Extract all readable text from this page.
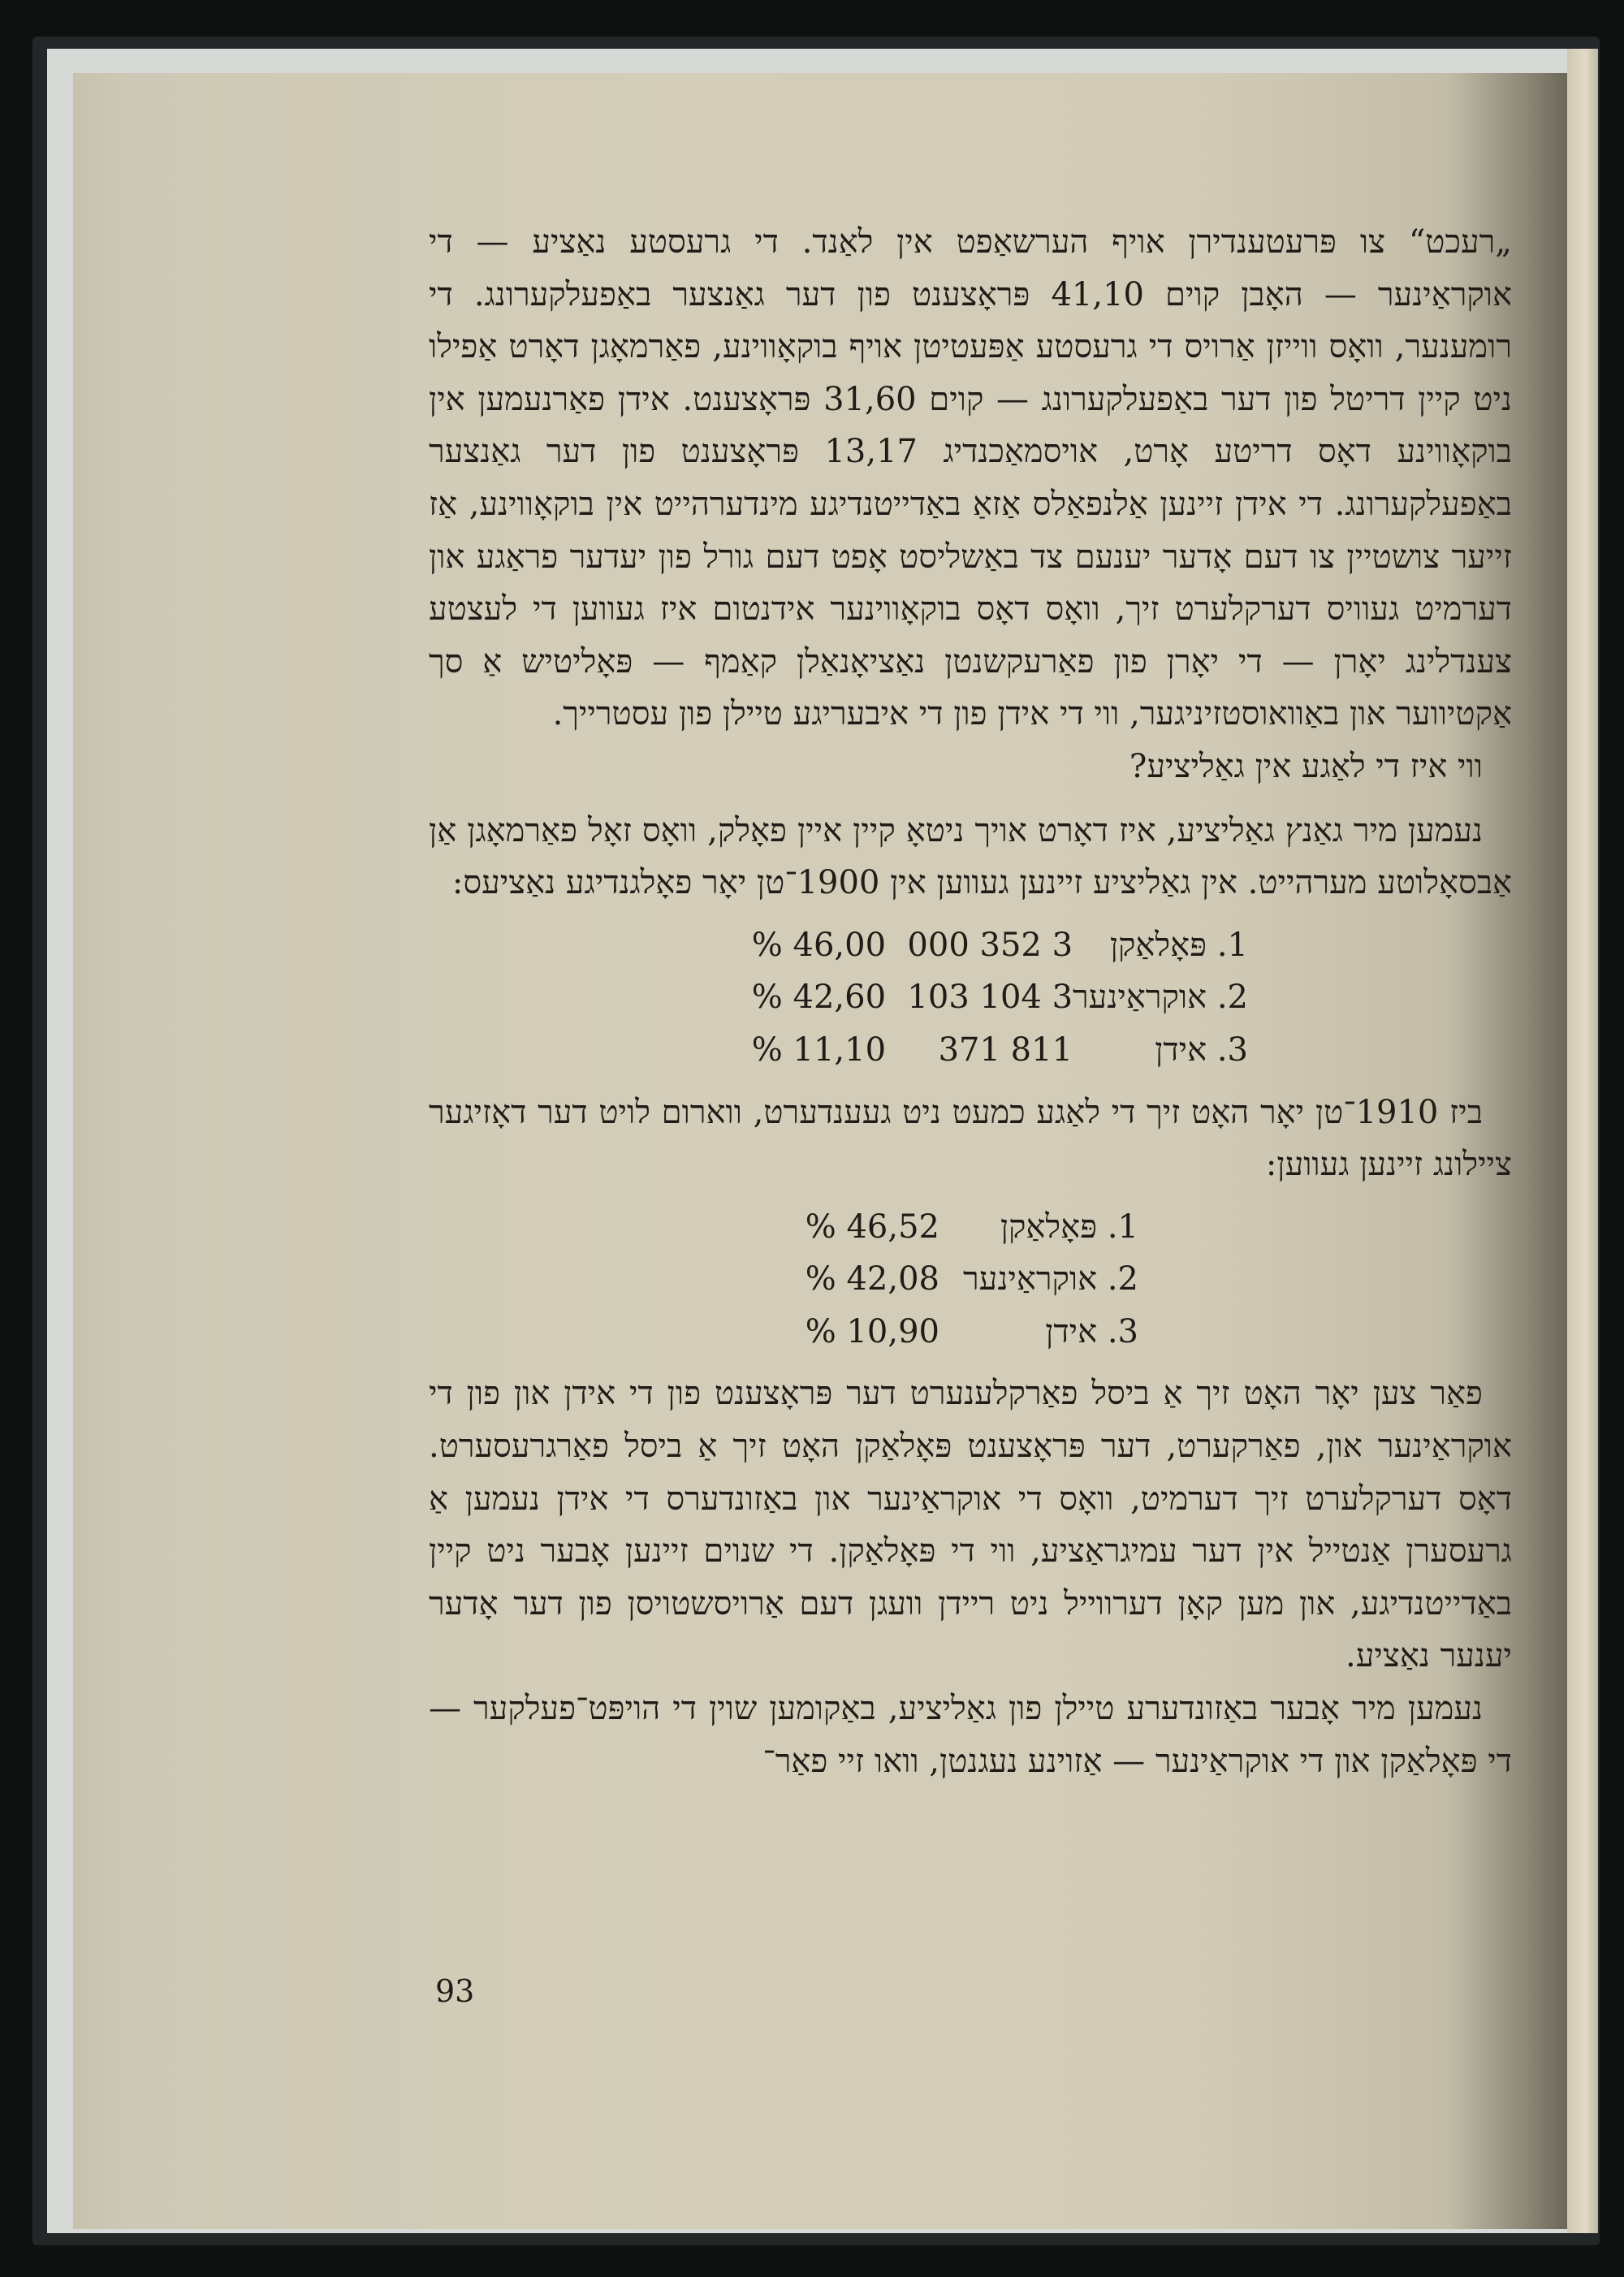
„רעכט“ צו פּרעטענדירן אויף הערשאַפט אין לאַנד. די גרעסטע נאַציע — די אוקראַינער — האָבן קוים 41,10 פּראָצענט פון דער גאַנצער באַפעלקערונג. די רומענער, וואָס ווייזן אַרויס די גרעסטע אַפּעטיטן אויף בוקאָווינע, פאַרמאָגן דאָרט אַפילו ניט קיין דריטל פון דער באַפעלקערונג — קוים 31,60 פּראָצענט. אידן פאַרנעמען אין בוקאָווינע דאָס דריטע אָרט, אויסמאַכנדיג 13,17 פּראָצענט פון דער גאַנצער באַפעלקערונג. די אידן זיינען אַלנפאַלס אַזאַ באַדייטנדיגע מינדערהייט אין בוקאָווינע, אַז זייער צושטיין צו דעם אָדער יענעם צד באַשליסט אָפט דעם גורל פון יעדער פראַגע און דערמיט געוויס דערקלערט זיך, וואָס דאָס בוקאָווינער אידנטום איז געווען די לעצטע צענדלינג יאָרן — די יאָרן פון פאַרעקשנטן נאַציאָנאַלן קאַמף — פּאָליטיש אַ סך אַקטיווער און באַוואוסטזיניגער, ווי די אידן פון די איבעריגע טיילן פון עסטרייך.

ווי איז די לאַגע אין גאַליציע?

נעמען מיר גאַנץ גאַליציע, איז דאָרט אויך ניטאָ קיין איין פאָלק, וואָס זאָל פאַרמאָגן אַן אַבסאָלוטע מערהייט. אין גאַליציע זיינען געווען אין 1900־טן יאָר פאָלגנדיגע נאַציעס:

1. פּאָלאַקן	3 352 000	46,00 %
2. אוקראַינער	3 104 103	42,60 %
3. אידן	811 371	11,10 %

ביז 1910־טן יאָר האָט זיך די לאַגע כמעט ניט געענדערט, ווארום לויט דער דאָזיגער ציילונג זיינען געווען:

1. פּאָלאַקן	46,52 %
2. אוקראַינער	42,08 %
3. אידן	10,90 %

פאַר צען יאָר האָט זיך אַ ביסל פאַרקלענערט דער פּראָצענט פון די אידן און פון די אוקראַינער און, פאַרקערט, דער פּראָצענט פּאָלאַקן האָט זיך אַ ביסל פאַרגרעסערט. דאָס דערקלערט זיך דערמיט, וואָס די אוקראַינער און באַזונדערס די אידן נעמען אַ גרעסערן אַנטייל אין דער עמיגראַציע, ווי די פּאָלאַקן. די שנוים זיינען אָבער ניט קיין באַדייטנדיגע, און מען קאָן דערווייל ניט ריידן וועגן דעם אַרויסשטויסן פון דער אָדער יענער נאַציע.

נעמען מיר אָבער באַזונדערע טיילן פון גאַליציע, באַקומען שוין די הויפּט־פעלקער — די פּאָלאַקן און די אוקראַינער — אַזוינע נעגנטן, וואו זיי פאַר־

93
